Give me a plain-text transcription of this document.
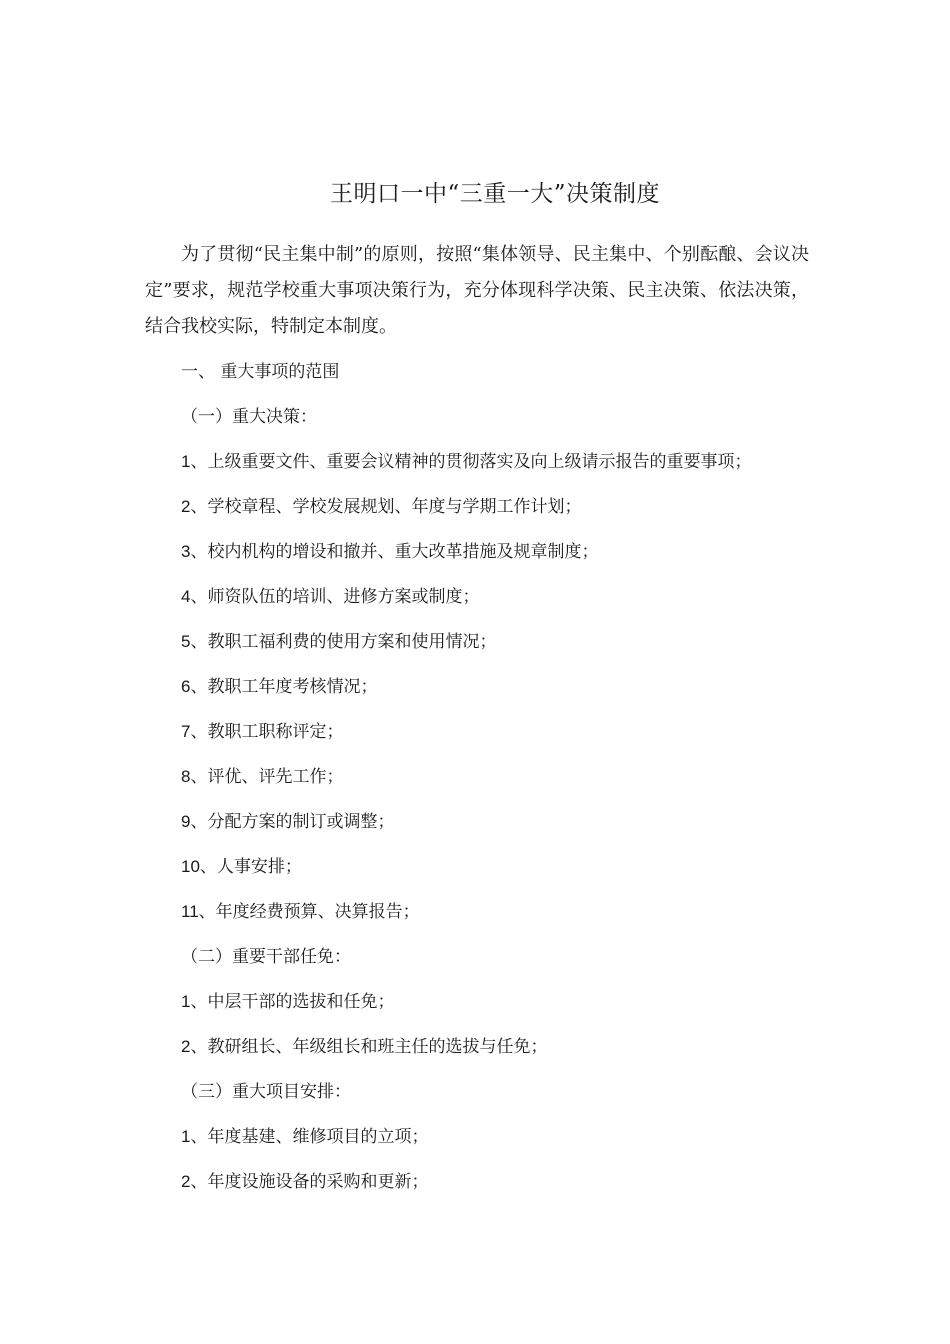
王明口一中“三重一大”决策制度
为了贯彻“民主集中制”的原则，按照“集体领导、民主集中、个别酝酿、会议决定”要求，规范学校重大事项决策行为，充分体现科学决策、民主决策、依法决策，结合我校实际，特制定本制度。
一、 重大事项的范围
（一）重大决策：
1、上级重要文件、重要会议精神的贯彻落实及向上级请示报告的重要事项；
2、学校章程、学校发展规划、年度与学期工作计划；
3、校内机构的增设和撤并、重大改革措施及规章制度；
4、师资队伍的培训、进修方案或制度；
5、教职工福利费的使用方案和使用情况；
6、教职工年度考核情况；
7、教职工职称评定；
8、评优、评先工作；
9、分配方案的制订或调整；
10、人事安排；
11、年度经费预算、决算报告；
（二）重要干部任免：
1、中层干部的选拔和任免；
2、教研组长、年级组长和班主任的选拔与任免；
（三）重大项目安排：
1、年度基建、维修项目的立项；
2、年度设施设备的采购和更新；
